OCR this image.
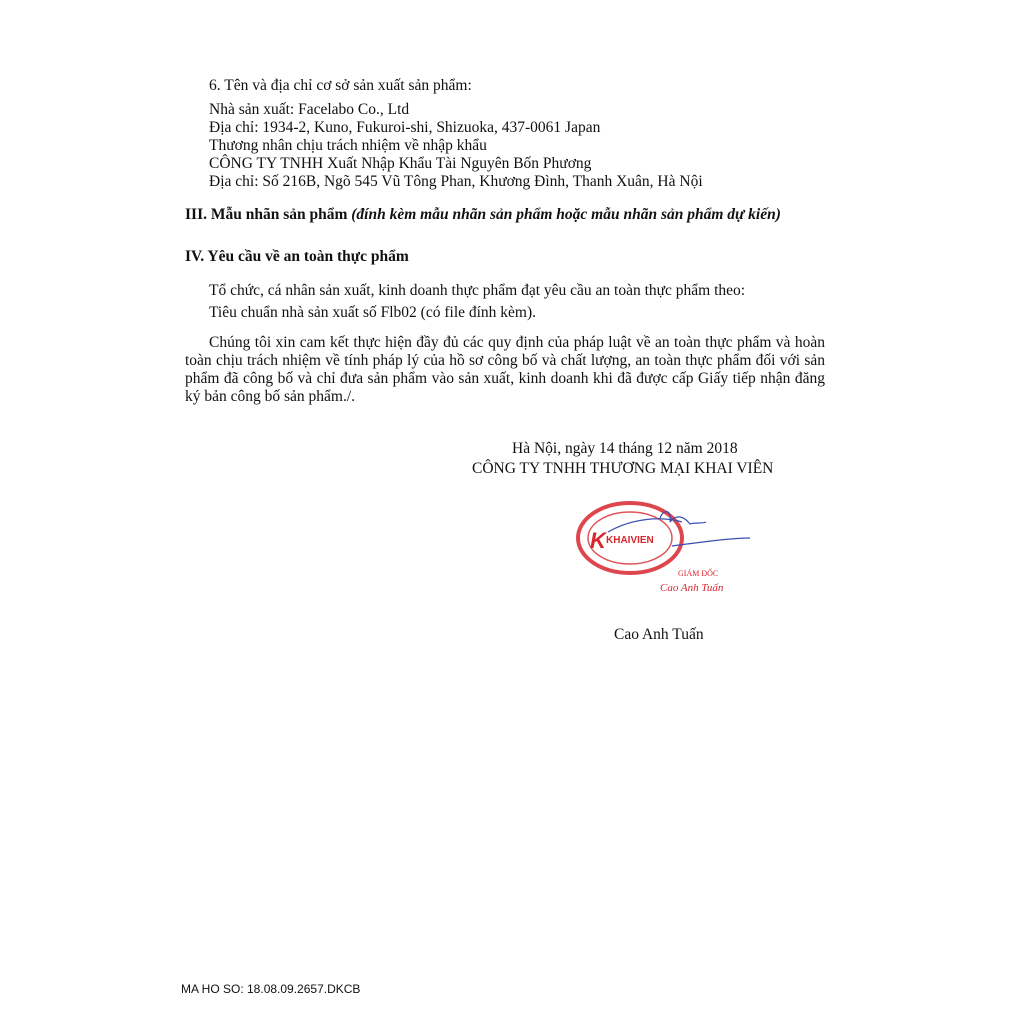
6. Tên và địa chỉ cơ sở sản xuất sản phẩm:
Nhà sản xuất: Facelabo Co., Ltd
Địa chỉ: 1934-2, Kuno, Fukuroi-shi, Shizuoka, 437-0061 Japan
Thương nhân chịu trách nhiệm về nhập khẩu
CÔNG TY TNHH Xuất Nhập Khẩu Tài Nguyên Bốn Phương
Địa chỉ: Số 216B, Ngõ 545 Vũ Tông Phan, Khương Đình, Thanh Xuân, Hà Nội
III. Mẫu nhãn sản phẩm (đính kèm mẫu nhãn sản phẩm hoặc mẫu nhãn sản phẩm dự kiến)
IV. Yêu cầu về an toàn thực phẩm
Tổ chức, cá nhân sản xuất, kinh doanh thực phẩm đạt yêu cầu an toàn thực phẩm theo:
Tiêu chuẩn nhà sản xuất số Flb02 (có file đính kèm).
Chúng tôi xin cam kết thực hiện đầy đủ các quy định của pháp luật về an toàn thực phẩm và hoàn toàn chịu trách nhiệm về tính pháp lý của hồ sơ công bố và chất lượng, an toàn thực phẩm đối với sản phẩm đã công bố và chỉ đưa sản phẩm vào sản xuất, kinh doanh khi đã được cấp Giấy tiếp nhận đăng ký bản công bố sản phẩm./.
Hà Nội, ngày 14 tháng 12 năm 2018
CÔNG TY TNHH THƯƠNG MẠI KHAI VIÊN
K KHAIVIEN
GIÁM ĐỐC
Cao Anh Tuấn
Cao Anh Tuấn
MA HO SO: 18.08.09.2657.DKCB
